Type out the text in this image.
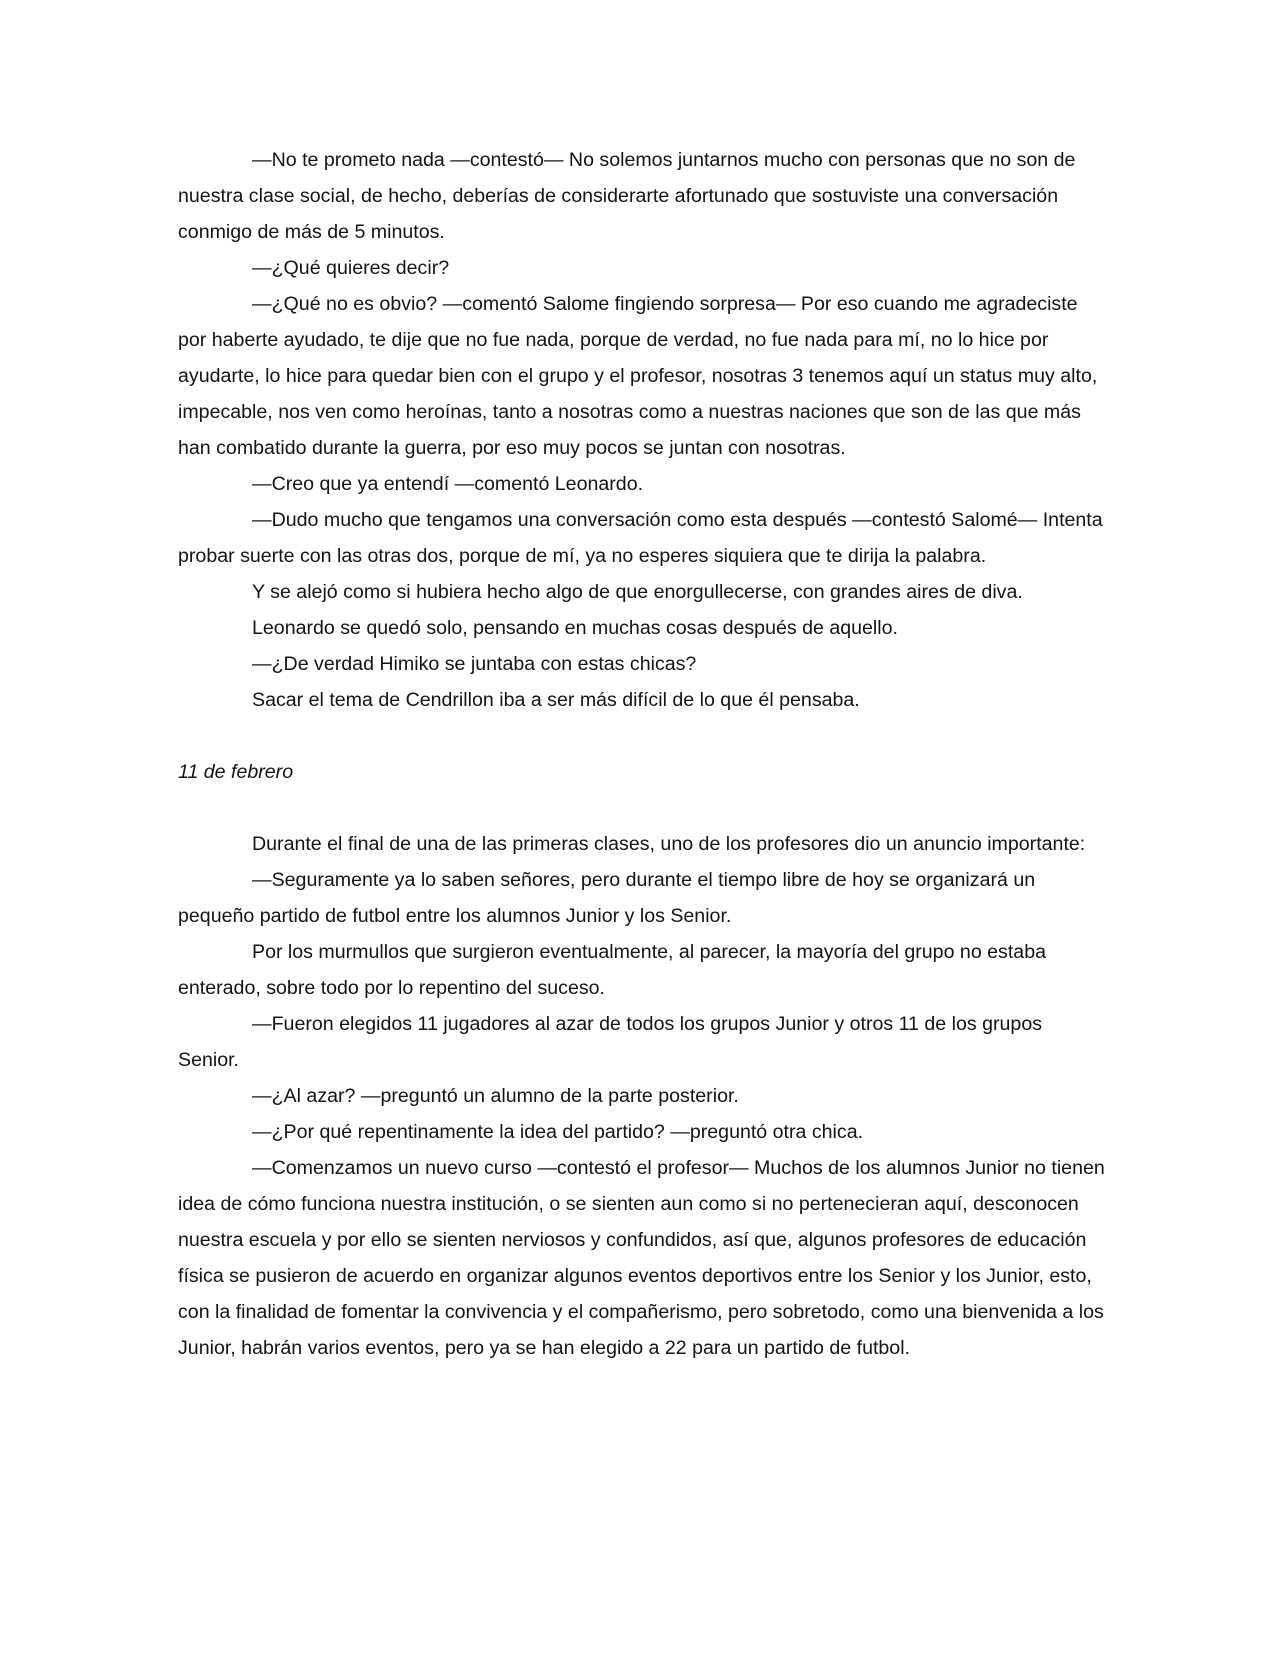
—No te prometo nada —contestó— No solemos juntarnos mucho con personas que no son de nuestra clase social, de hecho, deberías de considerarte afortunado que sostuviste una conversación conmigo de más de 5 minutos.

—¿Qué quieres decir?

—¿Qué no es obvio? —comentó Salome fingiendo sorpresa— Por eso cuando me agradeciste por haberte ayudado, te dije que no fue nada, porque de verdad, no fue nada para mí, no lo hice por ayudarte, lo hice para quedar bien con el grupo y el profesor, nosotras 3 tenemos aquí un status muy alto, impecable, nos ven como heroínas, tanto a nosotras como a nuestras naciones que son de las que más han combatido durante la guerra, por eso muy pocos se juntan con nosotras.

—Creo que ya entendí —comentó Leonardo.

—Dudo mucho que tengamos una conversación como esta después —contestó Salomé— Intenta probar suerte con las otras dos, porque de mí, ya no esperes siquiera que te dirija la palabra.

Y se alejó como si hubiera hecho algo de que enorgullecerse, con grandes aires de diva.

Leonardo se quedó solo, pensando en muchas cosas después de aquello.

—¿De verdad Himiko se juntaba con estas chicas?

Sacar el tema de Cendrillon iba a ser más difícil de lo que él pensaba.

11 de febrero

Durante el final de una de las primeras clases, uno de los profesores dio un anuncio importante:

—Seguramente ya lo saben señores, pero durante el tiempo libre de hoy se organizará un pequeño partido de futbol entre los alumnos Junior y los Senior.

Por los murmullos que surgieron eventualmente, al parecer, la mayoría del grupo no estaba enterado, sobre todo por lo repentino del suceso.

—Fueron elegidos 11 jugadores al azar de todos los grupos Junior y otros 11 de los grupos Senior.

—¿Al azar? —preguntó un alumno de la parte posterior.

—¿Por qué repentinamente la idea del partido? —preguntó otra chica.

—Comenzamos un nuevo curso —contestó el profesor— Muchos de los alumnos Junior no tienen idea de cómo funciona nuestra institución, o se sienten aun como si no pertenecieran aquí, desconocen nuestra escuela y por ello se sienten nerviosos y confundidos, así que, algunos profesores de educación física se pusieron de acuerdo en organizar algunos eventos deportivos entre los Senior y los Junior, esto, con la finalidad de fomentar la convivencia y el compañerismo, pero sobretodo, como una bienvenida a los Junior, habrán varios eventos, pero ya se han elegido a 22 para un partido de futbol.
